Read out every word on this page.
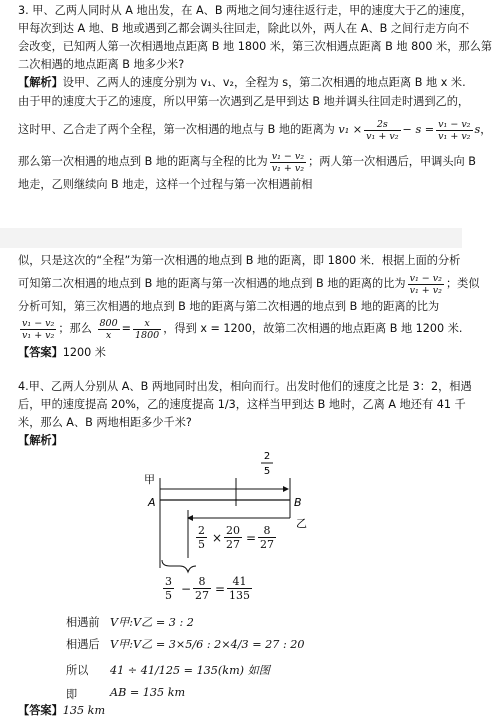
3. 甲、乙两人同时从 A 地出发，在 A、B 两地之间匀速往返行走，甲的速度大于乙的速度，
甲每次到达 A 地、B 地或遇到乙都会调头往回走，除此以外，两人在 A、B 之间行走方向不
会改变，已知两人第一次相遇地点距离 B 地 1800 米，第三次相遇点距离 B 地 800 米，那么第
二次相遇的地点距离 B 地多少米?
【解析】设甲、乙两人的速度分别为 v₁、v₂，全程为 s，第二次相遇的地点距离 B 地 x 米.
由于甲的速度大于乙的速度，所以甲第一次遇到乙是甲到达 B 地并调头往回走时遇到乙的，
这时甲、乙合走了两个全程，第一次相遇的地点与 B 地的距离为 $v_1 \times \frac{2s}{\text{v₁ + v₂}} - s = \frac{\text{v₁ − v₂}}{\text{v₁ + v₂}}$ s，
那么第一次相遇的地点到 B 地的距离与全程的比为 $\frac{\text{v₁ − v₂}}{\text{v₁ + v₂}}$ ；两人第一次相遇后，甲调头向 B
地走，乙则继续向 B 地走，这样一个过程与第一次相遇前相
似，只是这次的“全程”为第一次相遇的地点到 B 地的距离，即 1800 米．根据上面的分析
可知第二次相遇的地点到 B 地的距离与第一次相遇的地点到 B 地的距离的比为 $\frac{\text{v₁ − v₂}}{\text{v₁ + v₂}}$ ；类似
分析可知，第三次相遇的地点到 B 地的距离与第二次相遇的地点到 B 地的距离的比为
$\frac{\text{v₁ − v₂}}{\text{v₁ + v₂}}$ ；那么 $\frac{800}{x} = \frac{x}{1800}$ ，得到 x = 1200，故第二次相遇的地点距离 B 地 1200 米.
【答案】1200 米
4.甲、乙两人分别从 A、B 两地同时出发，相向而行。出发时他们的速度之比是 3：2，相遇
后，甲的速度提高 20%，乙的速度提高 1/3，这样当甲到达 B 地时，乙离 A 地还有 41 千
米，那么 A、B 两地相距多少千米?
【解析】
甲
A	B
乙
2
5
$\frac{2}{5} \times \frac{20}{27} = \frac{8}{27}$
$\frac{3}{5} - \frac{8}{27} = \frac{41}{135}$
相遇前 V甲:V乙 = 3 : 2
相遇后 V甲:V乙 = 3×5/6 : 2×4/3 = 27 : 20
所以 41 ÷ 41/125 = 135(km) 如图
即	AB = 135 km
【答案】135 km
